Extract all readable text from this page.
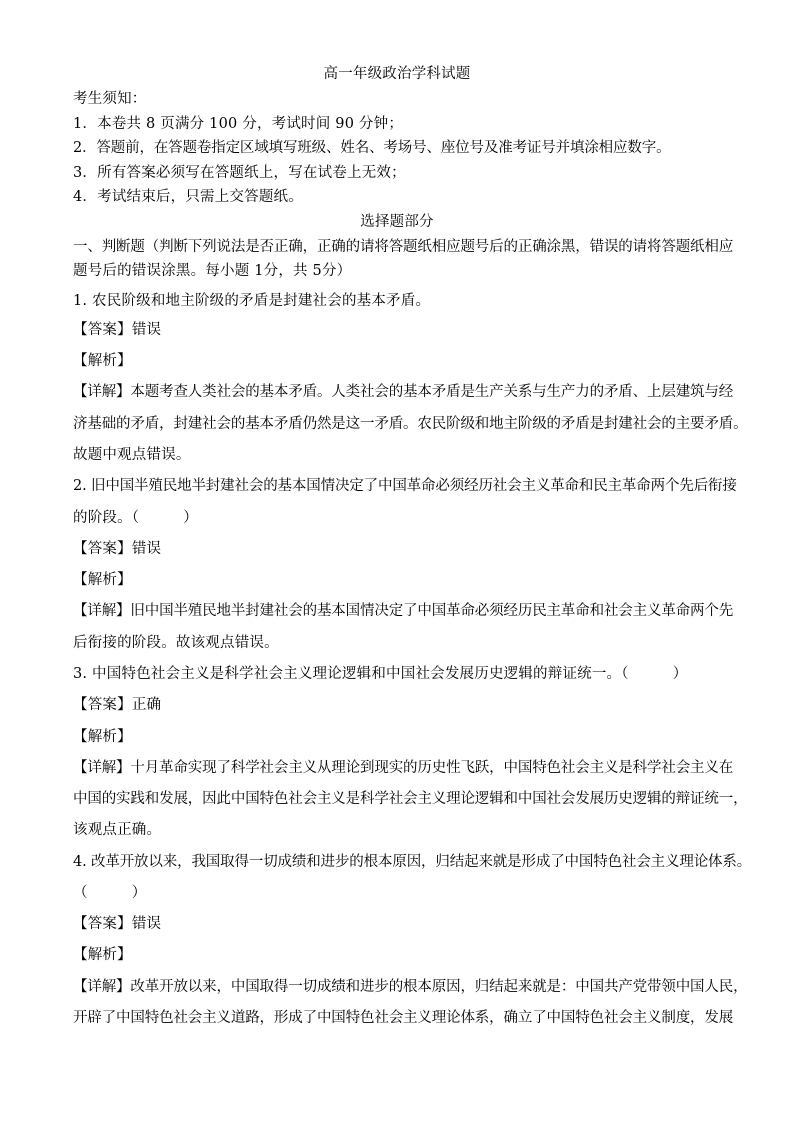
高一年级政治学科试题
考生须知：
1．本卷共 8 页满分 100 分，考试时间 90 分钟；
2．答题前，在答题卷指定区域填写班级、姓名、考场号、座位号及准考证号并填涂相应数字。
3．所有答案必须写在答题纸上，写在试卷上无效；
4．考试结束后，只需上交答题纸。
选择题部分
一、判断题（判断下列说法是否正确，正确的请将答题纸相应题号后的正确涂黑，错误的请将答题纸相应
题号后的错误涂黑。每小题 1分，共 5分）
1. 农民阶级和地主阶级的矛盾是封建社会的基本矛盾。
【答案】错误
【解析】
【详解】本题考查人类社会的基本矛盾。人类社会的基本矛盾是生产关系与生产力的矛盾、上层建筑与经
济基础的矛盾，封建社会的基本矛盾仍然是这一矛盾。农民阶级和地主阶级的矛盾是封建社会的主要矛盾。
故题中观点错误。
2. 旧中国半殖民地半封建社会的基本国情决定了中国革命必须经历社会主义革命和民主革命两个先后衔接
的阶段。（	）
【答案】错误
【解析】
【详解】旧中国半殖民地半封建社会的基本国情决定了中国革命必须经历民主革命和社会主义革命两个先
后衔接的阶段。故该观点错误。
3. 中国特色社会主义是科学社会主义理论逻辑和中国社会发展历史逻辑的辩证统一。（	）
【答案】正确
【解析】
【详解】十月革命实现了科学社会主义从理论到现实的历史性飞跃，中国特色社会主义是科学社会主义在
中国的实践和发展，因此中国特色社会主义是科学社会主义理论逻辑和中国社会发展历史逻辑的辩证统一，
该观点正确。
4. 改革开放以来，我国取得一切成绩和进步的根本原因，归结起来就是形成了中国特色社会主义理论体系。
（	）
【答案】错误
【解析】
【详解】改革开放以来，中国取得一切成绩和进步的根本原因，归结起来就是：中国共产党带领中国人民，
开辟了中国特色社会主义道路，形成了中国特色社会主义理论体系，确立了中国特色社会主义制度，发展
